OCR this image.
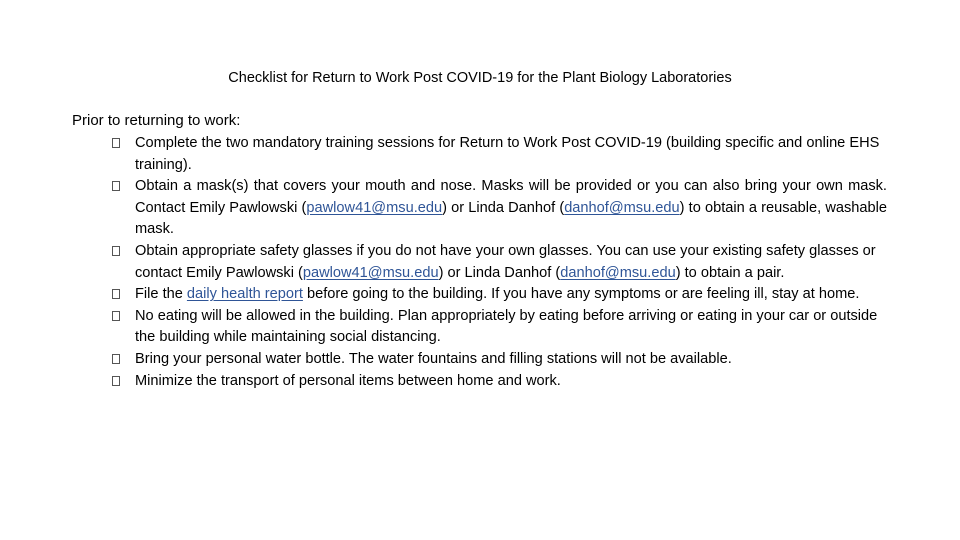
Checklist for Return to Work Post COVID-19 for the Plant Biology Laboratories
Prior to returning to work:
Complete the two mandatory training sessions for Return to Work Post COVID-19 (building specific and online EHS training).
Obtain a mask(s) that covers your mouth and nose. Masks will be provided or you can also bring your own mask. Contact Emily Pawlowski (pawlow41@msu.edu) or Linda Danhof (danhof@msu.edu) to obtain a reusable, washable mask.
Obtain appropriate safety glasses if you do not have your own glasses. You can use your existing safety glasses or contact Emily Pawlowski (pawlow41@msu.edu) or Linda Danhof (danhof@msu.edu) to obtain a pair.
File the daily health report before going to the building. If you have any symptoms or are feeling ill, stay at home.
No eating will be allowed in the building. Plan appropriately by eating before arriving or eating in your car or outside the building while maintaining social distancing.
Bring your personal water bottle. The water fountains and filling stations will not be available.
Minimize the transport of personal items between home and work.
